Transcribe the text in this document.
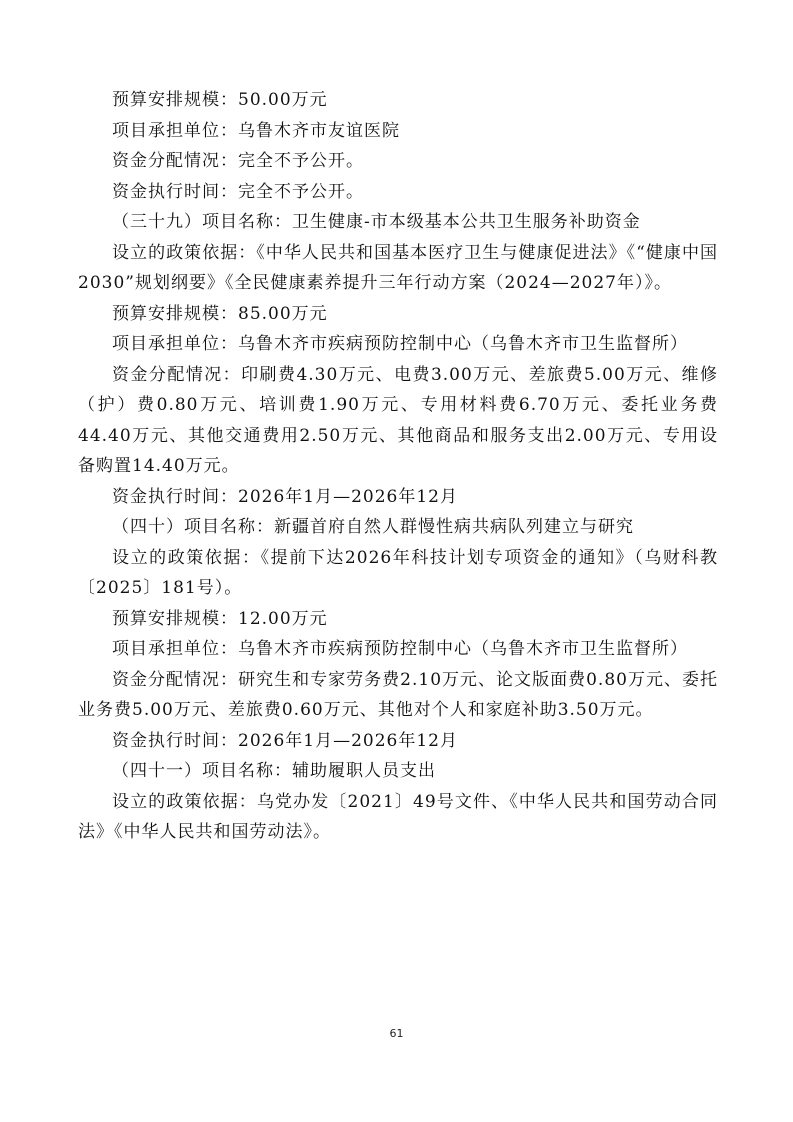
预算安排规模：50.00万元

项目承担单位：乌鲁木齐市友谊医院

资金分配情况：完全不予公开。

资金执行时间：完全不予公开。

（三十九）项目名称：卫生健康-市本级基本公共卫生服务补助资金

设立的政策依据：《中华人民共和国基本医疗卫生与健康促进法》《“健康中国2030”规划纲要》《全民健康素养提升三年行动方案（2024—2027年）》。

预算安排规模：85.00万元

项目承担单位：乌鲁木齐市疾病预防控制中心（乌鲁木齐市卫生监督所）

资金分配情况：印刷费4.30万元、电费3.00万元、差旅费5.00万元、维修（护）费0.80万元、培训费1.90万元、专用材料费6.70万元、委托业务费44.40万元、其他交通费用2.50万元、其他商品和服务支出2.00万元、专用设备购置14.40万元。

资金执行时间：2026年1月—2026年12月

（四十）项目名称：新疆首府自然人群慢性病共病队列建立与研究

设立的政策依据：《提前下达2026年科技计划专项资金的通知》（乌财科教〔2025〕181号）。

预算安排规模：12.00万元

项目承担单位：乌鲁木齐市疾病预防控制中心（乌鲁木齐市卫生监督所）

资金分配情况：研究生和专家劳务费2.10万元、论文版面费0.80万元、委托业务费5.00万元、差旅费0.60万元、其他对个人和家庭补助3.50万元。

资金执行时间：2026年1月—2026年12月

（四十一）项目名称：辅助履职人员支出

设立的政策依据：乌党办发〔2021〕49号文件、《中华人民共和国劳动合同法》《中华人民共和国劳动法》。

61
